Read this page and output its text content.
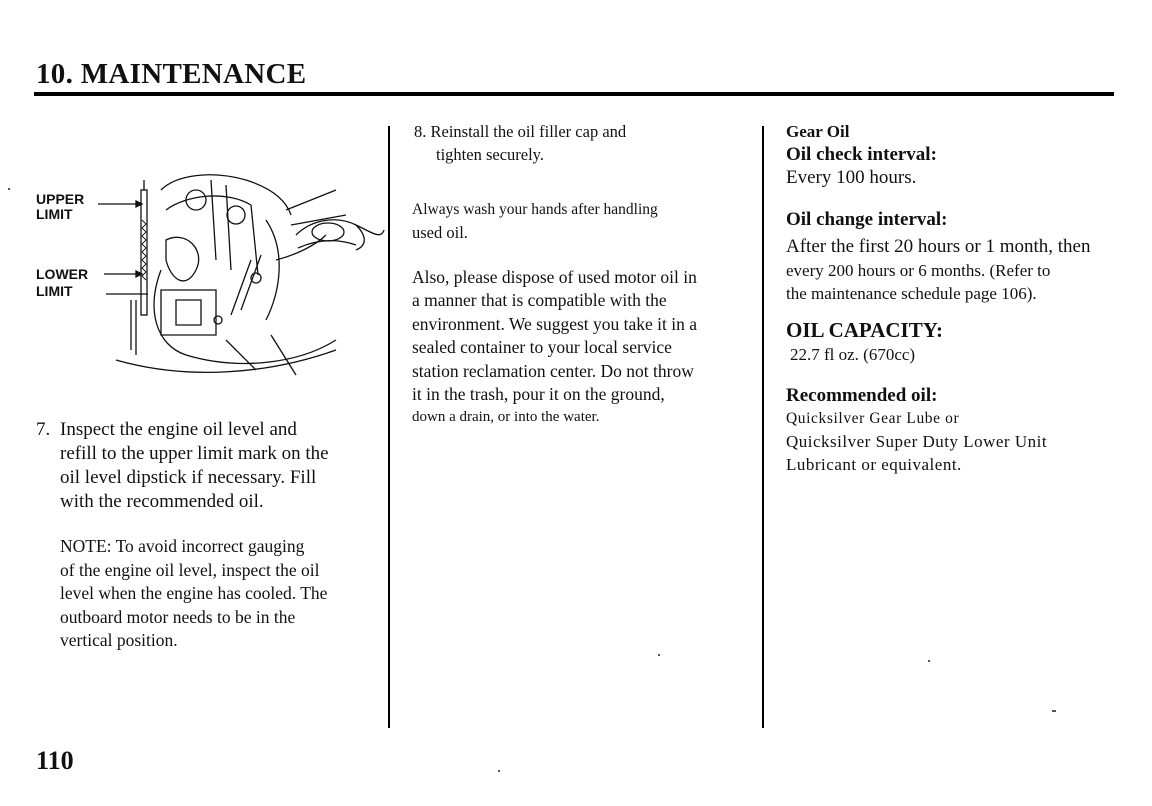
10. MAINTENANCE
UPPER
LIMIT
LOWER
LIMIT
7. Inspect the engine oil level and
refill to the upper limit mark on the
oil level dipstick if necessary. Fill
with the recommended oil.
NOTE: To avoid incorrect gauging
of the engine oil level, inspect the oil
level when the engine has cooled. The
outboard motor needs to be in the
vertical position.
8. Reinstall the oil filler cap and
tighten securely.
Always wash your hands after handling
used oil.
Also, please dispose of used motor oil in
a manner that is compatible with the
environment. We suggest you take it in a
sealed container to your local service
station reclamation center. Do not throw
it in the trash, pour it on the ground,
down a drain, or into the water.
Gear Oil
Oil check interval:
Every 100 hours.
Oil change interval:
After the first 20 hours or 1 month, then
every 200 hours or 6 months. (Refer to
the maintenance schedule page 106).
OIL CAPACITY:
22.7 fl oz. (670cc)
Recommended oil:
Quicksilver Gear Lube or
Quicksilver Super Duty Lower Unit
Lubricant or equivalent.
110
